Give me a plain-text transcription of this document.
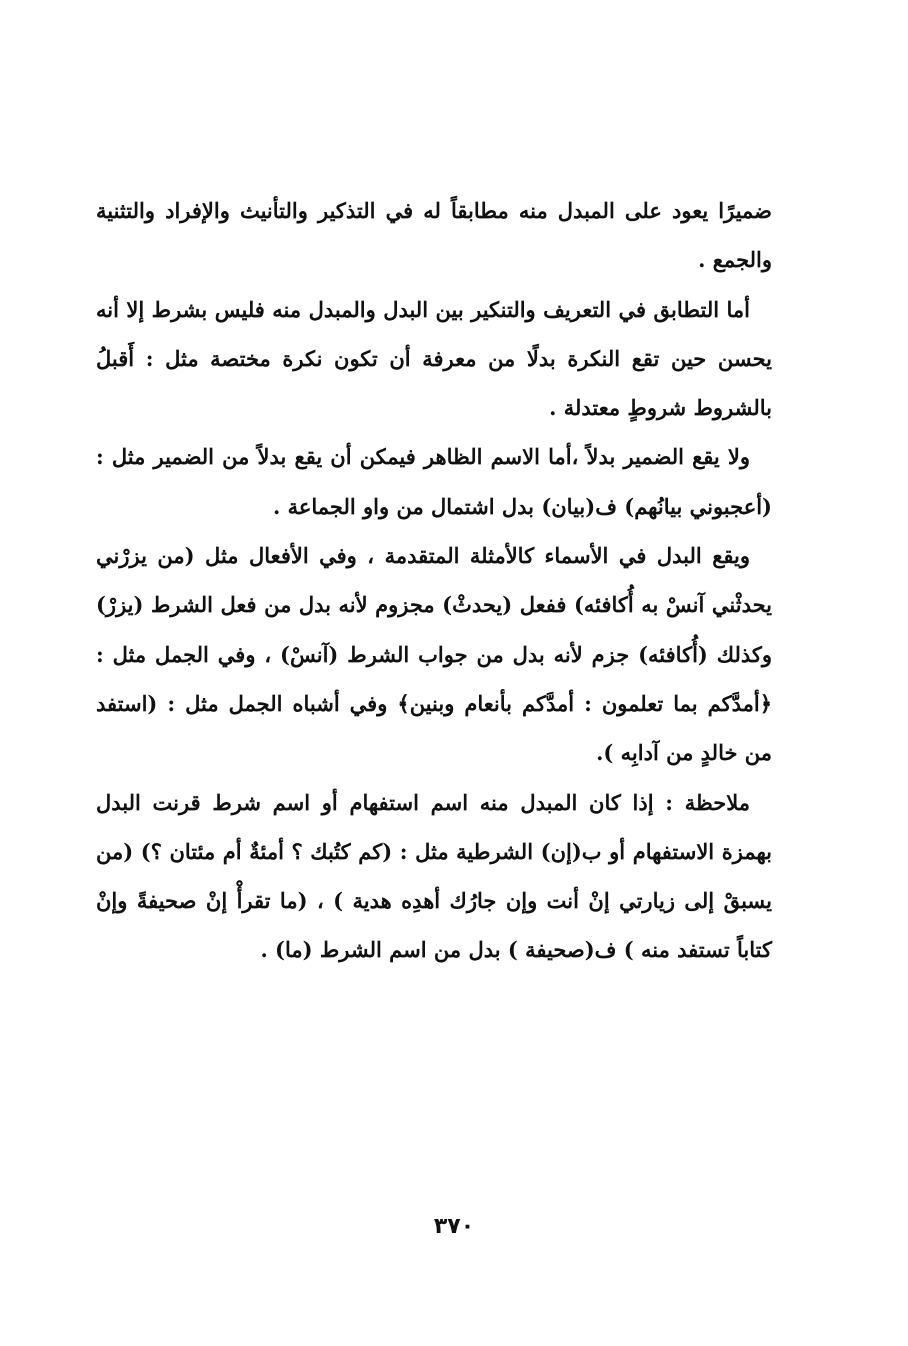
ضميرًا يعود على المبدل منه مطابقاً له في التذكير والتأنيث والإفراد والتثنية والجمع .

أما التطابق في التعريف والتنكير بين البدل والمبدل منه فليس بشرط إلا أنه يحسن حين تقع النكرة بدلًا من معرفة أن تكون نكرة مختصة مثل : أَقبلُ بالشروط شروطٍ معتدلة .

ولا يقع الضمير بدلاً ،أما الاسم الظاهر فيمكن أن يقع بدلاً من الضمير مثل : (أعجبوني بيانُهم) ف(بيان) بدل اشتمال من واو الجماعة .

ويقع البدل في الأسماء كالأمثلة المتقدمة ، وفي الأفعال مثل (من يزرْني يحدثْني آنسْ به أُكافئه) ففعل (يحدثْ) مجزوم لأنه بدل من فعل الشرط (يزرْ) وكذلك (أُكافئه) جزم لأنه بدل من جواب الشرط (آنسْ) ، وفي الجمل مثل :﴿أمدَّكم بما تعلمون : أمدَّكم بأنعام وبنين﴾ وفي أشباه الجمل مثل : (استفد من خالدٍ من آدابِه ).

ملاحظة : إذا كان المبدل منه اسم استفهام أو اسم شرط قرنت البدل بهمزة الاستفهام أو ب(إن) الشرطية مثل : (كم كتُبك ؟ أمئةٌ أم مئتان ؟) (من يسبقْ إلى زيارتي إنْ أنت وإن جارُك أهدِه هدية ) ، (ما تقرأْ إنْ صحيفةً وإنْ كتاباً تستفد منه ) ف(صحيفة ) بدل من اسم الشرط (ما) .

٣٧٠
